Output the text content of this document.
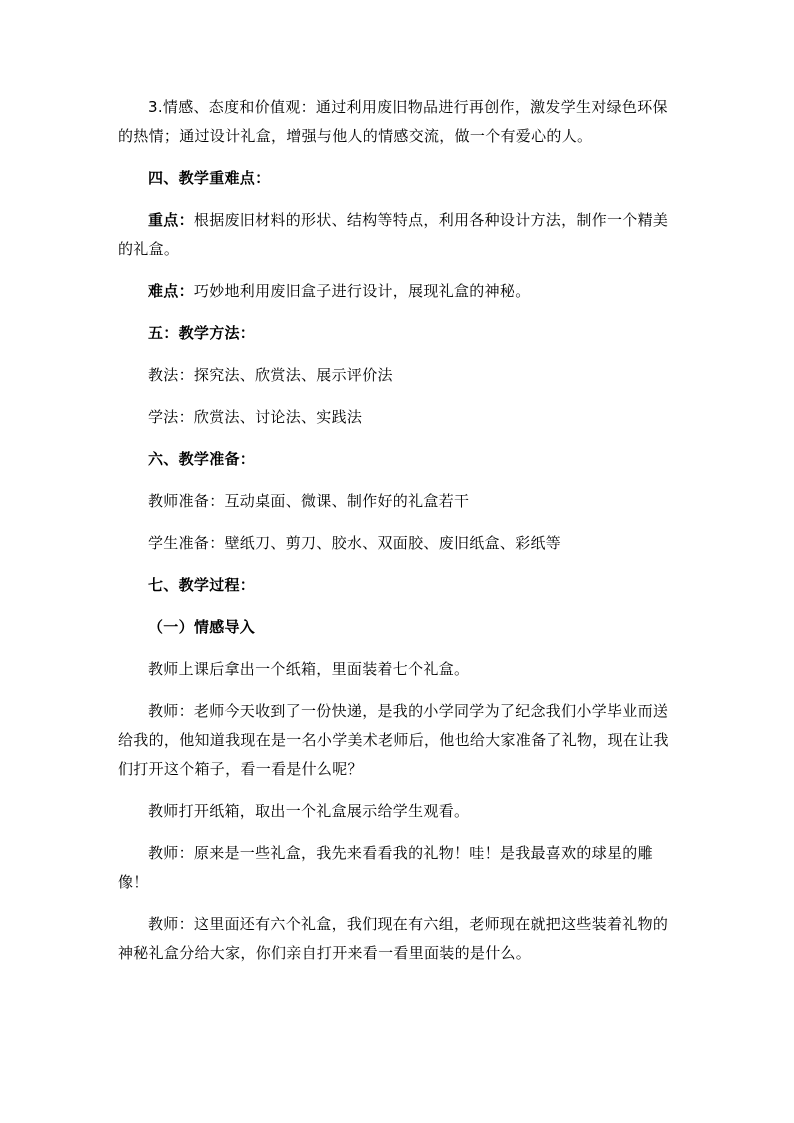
3.情感、态度和价值观：通过利用废旧物品进行再创作，激发学生对绿色环保的热情；通过设计礼盒，增强与他人的情感交流，做一个有爱心的人。

四、教学重难点：

重点：根据废旧材料的形状、结构等特点，利用各种设计方法，制作一个精美的礼盒。

难点：巧妙地利用废旧盒子进行设计，展现礼盒的神秘。

五：教学方法：

教法：探究法、欣赏法、展示评价法

学法：欣赏法、讨论法、实践法

六、教学准备：

教师准备：互动桌面、微课、制作好的礼盒若干

学生准备：壁纸刀、剪刀、胶水、双面胶、废旧纸盒、彩纸等

七、教学过程：

（一）情感导入

教师上课后拿出一个纸箱，里面装着七个礼盒。

教师：老师今天收到了一份快递，是我的小学同学为了纪念我们小学毕业而送给我的，他知道我现在是一名小学美术老师后，他也给大家准备了礼物，现在让我们打开这个箱子，看一看是什么呢？

教师打开纸箱，取出一个礼盒展示给学生观看。

教师：原来是一些礼盒，我先来看看我的礼物！哇！是我最喜欢的球星的雕像！

教师：这里面还有六个礼盒，我们现在有六组，老师现在就把这些装着礼物的神秘礼盒分给大家，你们亲自打开来看一看里面装的是什么。
